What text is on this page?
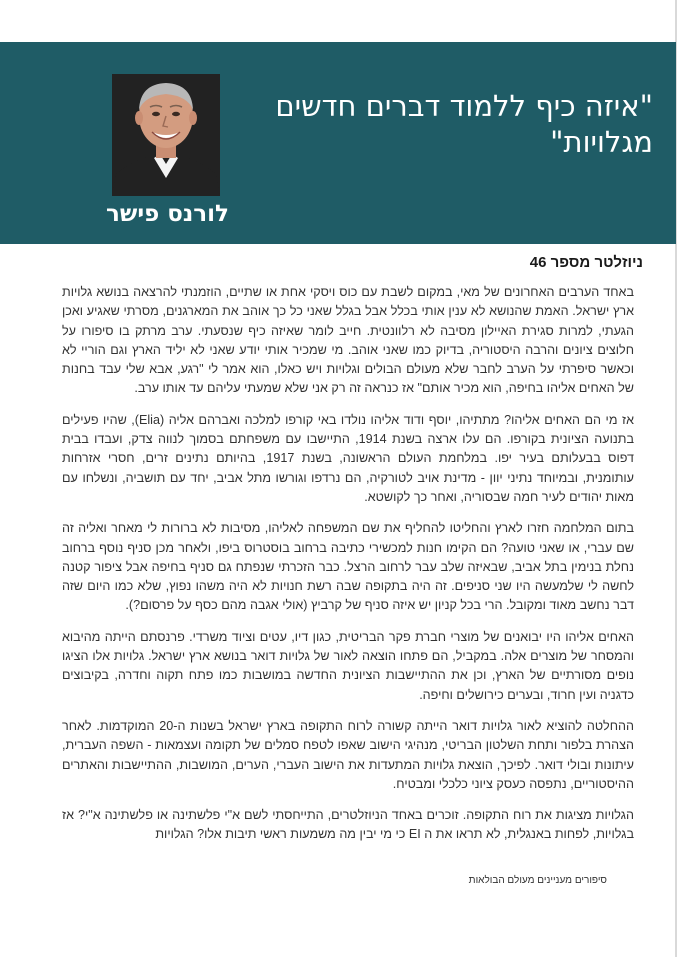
"איזה כיף ללמוד דברים חדשים מגלויות"
לורנס פישר
ניוזלטר מספר 46

באחד הערבים האחרונים של מאי, במקום לשבת עם כוס ויסקי אחת או שתיים, הוזמנתי להרצאה בנושא גלויות ארץ ישראל. האמת שהנושא לא ענין אותי בכלל אבל בגלל שאני כל כך אוהב את המארגנים, מסרתי שאגיע ואכן הגעתי, למרות סגירת האיילון מסיבה לא רלוונטית. חייב לומר שאיזה כיף שנסעתי. ערב מרתק בו סיפורו על חלוצים ציונים והרבה היסטוריה, בדיוק כמו שאני אוהב. מי שמכיר אותי יודע שאני לא יליד הארץ וגם הוריי לא וכאשר סיפרתי על הערב לחבר שלא מעולם הבולים וגלויות ויש כאלו, הוא אמר לי "רגע, אבא שלי עבד בחנות של האחים אליהו בחיפה, הוא מכיר אותם" אז כנראה זה רק אני שלא שמעתי עליהם עד אותו ערב.

אז מי הם האחים אליהו? מתתיהו, יוסף ודוד אליהו נולדו באי קורפו למלכה ואברהם אליה (Elia), שהיו פעילים בתנועה הציונית בקורפו. הם עלו ארצה בשנת 1914, התיישבו עם משפחתם בסמוך לנווה צדק, ועבדו בבית דפוס בבעלותם בעיר יפו. במלחמת העולם הראשונה, בשנת 1917, בהיותם נתינים זרים, חסרי אזרחות עותומנית, ובמיוחד נתיני יוון - מדינת אויב לטורקיה, הם נרדפו וגורשו מתל אביב, יחד עם תושביה, ונשלחו עם מאות יהודים לעיר חמה שבסוריה, ואחר כך לקושטא.

בתום המלחמה חזרו לארץ והחליטו להחליף את שם המשפחה לאליהו, מסיבות לא ברורות לי מאחר ואליה זה שם עברי, או שאני טועה? הם הקימו חנות למכשירי כתיבה ברחוב בוסטרוס ביפו, ולאחר מכן סניף נוסף ברחוב נחלת בנימין בתל אביב, שבאיזה שלב עבר לרחוב הרצל. כבר הזכרתי שנפתח גם סניף בחיפה אבל ציפור קטנה לחשה לי שלמעשה היו שני סניפים. זה היה בתקופה שבה רשת חנויות לא היה משהו נפוץ, שלא כמו היום שזה דבר נחשב מאוד ומקובל. הרי בכל קניון יש איזה סניף של קרביץ (אולי אגבה מהם כסף על פרסום?).

האחים אליהו היו יבואנים של מוצרי חברת פקר הבריטית, כגון דיו, עטים וציוד משרדי. פרנסתם הייתה מהיבוא והמסחר של מוצרים אלה. במקביל, הם פתחו הוצאה לאור של גלויות דואר בנושא ארץ ישראל. גלויות אלו הציגו נופים מסורתיים של הארץ, וכן את ההתיישבות הציונית החדשה במושבות כמו פתח תקוה וחדרה, בקיבוצים כדגניה ועין חרוד, ובערים כירושלים וחיפה.

ההחלטה להוציא לאור גלויות דואר הייתה קשורה לרוח התקופה בארץ ישראל בשנות ה-20 המוקדמות. לאחר הצהרת בלפור ותחת השלטון הבריטי, מנהיגי הישוב שאפו לטפח סמלים של תקומה ועצמאות - השפה העברית, עיתונות ובולי דואר. לפיכך, הוצאת גלויות המתעדות את הישוב העברי, הערים, המושבות, ההתיישבות והאתרים ההיסטוריים, נתפסה כעסק ציוני כלכלי ומבטיח.

הגלויות מציגות את רוח התקופה. זוכרים באחד הניוזלטרים, התייחסתי לשם א"י פלשתינה או פלשתינה א"י? אז בגלויות, לפחות באנגלית, לא תראו את ה EI כי מי יבין מה משמעות ראשי תיבות אלו? הגלויות

סיפורים מעניינים מעולם הבולאות
